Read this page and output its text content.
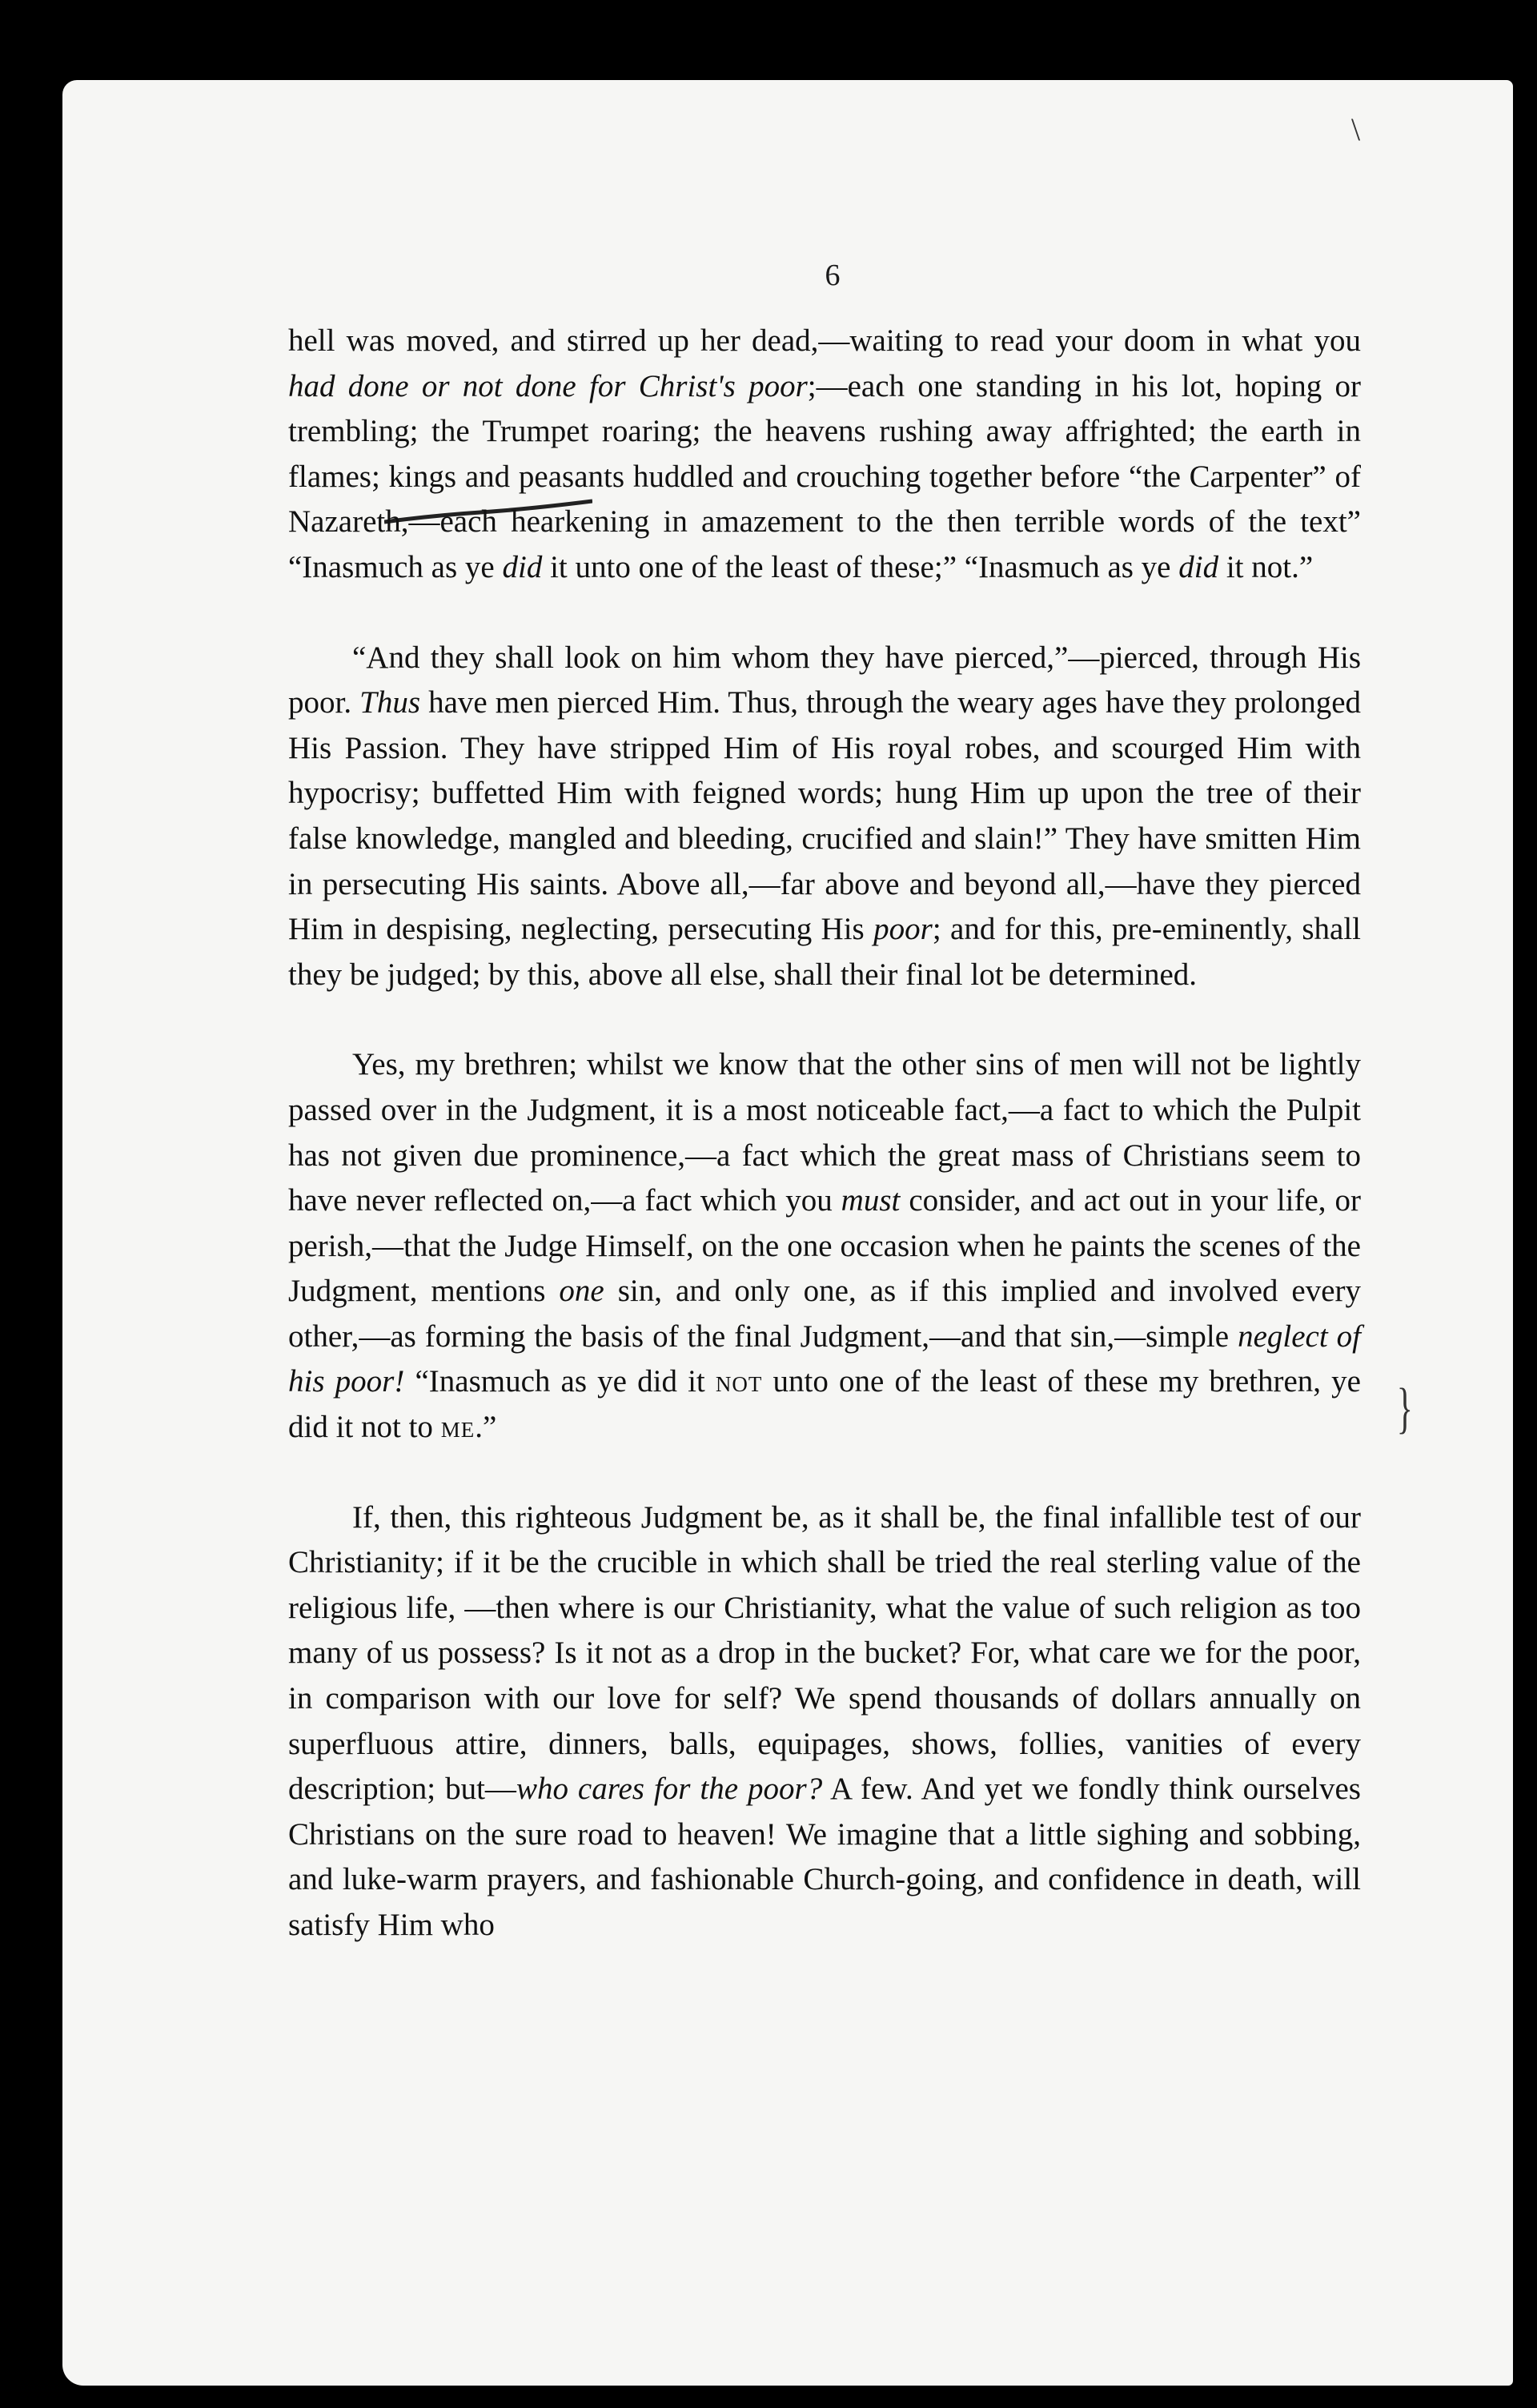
\
6

hell was moved, and stirred up her dead,—waiting to read your doom in what you had done or not done for Christ's poor;—each one standing in his lot, hoping or trembling; the Trumpet roaring; the heavens rushing away affrighted; the earth in flames; kings and peasants huddled and crouching together before “the Carpenter” of Nazareth,—each hearkening in amazement to the then terrible words of the text” “Inasmuch as ye did it unto one of the least of these;” “Inasmuch as ye did it not.”

“And they shall look on him whom they have pierced,”—pierced, through His poor. Thus have men pierced Him. Thus, through the weary ages have they prolonged His Passion. They have stripped Him of His royal robes, and scourged Him with hypocrisy; buffetted Him with feigned words; hung Him up upon the tree of their false knowledge, mangled and bleeding, crucified and slain!” They have smitten Him in persecuting His saints. Above all,—far above and beyond all,—have they pierced Him in despising, neglecting, persecuting His poor; and for this, pre-eminently, shall they be judged; by this, above all else, shall their final lot be determined.

Yes, my brethren; whilst we know that the other sins of men will not be lightly passed over in the Judgment, it is a most noticeable fact,—a fact to which the Pulpit has not given due prominence,—a fact which the great mass of Christians seem to have never reflected on,—a fact which you must consider, and act out in your life, or perish,—that the Judge Himself, on the one occasion when he paints the scenes of the Judgment, mentions one sin, and only one, as if this implied and involved every other,—as forming the basis of the final Judgment,—and that sin,—simple neglect of his poor! “Inasmuch as ye did it not unto one of the least of these my brethren, ye did it not to me.”

If, then, this righteous Judgment be, as it shall be, the final infallible test of our Christianity; if it be the crucible in which shall be tried the real sterling value of the religious life, —then where is our Christianity, what the value of such religion as too many of us possess? Is it not as a drop in the bucket? For, what care we for the poor, in comparison with our love for self? We spend thousands of dollars annually on superfluous attire, dinners, balls, equipages, shows, follies, vanities of every description; but—who cares for the poor? A few. And yet we fondly think ourselves Christians on the sure road to heaven! We imagine that a little sighing and sobbing, and luke-warm prayers, and fashionable Church-going, and confidence in death, will satisfy Him who

}
